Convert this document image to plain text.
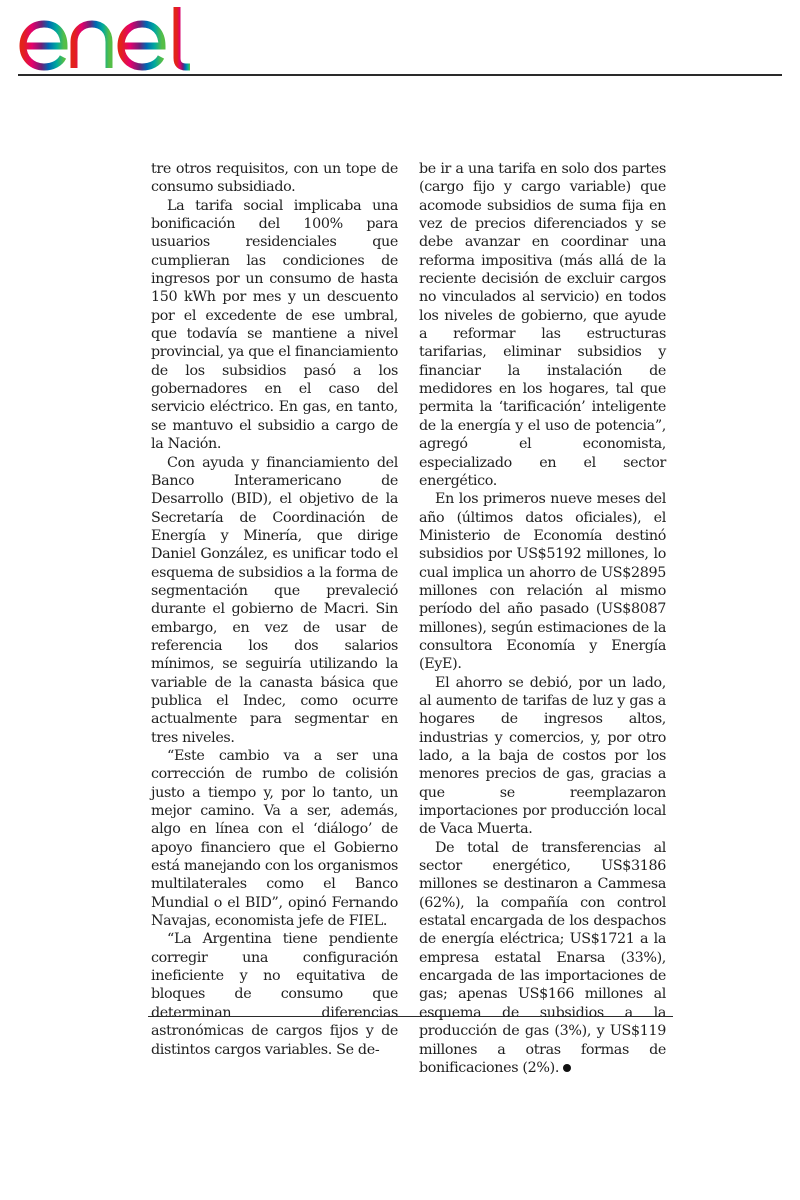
tre otros requisitos, con un tope de consumo subsidiado.

La tarifa social implicaba una bonificación del 100% para usuarios residenciales que cumplieran las condiciones de ingresos por un consumo de hasta 150 kWh por mes y un descuento por el excedente de ese umbral, que todavía se mantiene a nivel provincial, ya que el financiamiento de los subsidios pasó a los gobernadores en el caso del servicio eléctrico. En gas, en tanto, se mantuvo el subsidio a cargo de la Nación.

Con ayuda y financiamiento del Banco Interamericano de Desarrollo (BID), el objetivo de la Secretaría de Coordinación de Energía y Minería, que dirige Daniel González, es unificar todo el esquema de subsidios a la forma de segmentación que prevaleció durante el gobierno de Macri. Sin embargo, en vez de usar de referencia los dos salarios mínimos, se seguiría utilizando la variable de la canasta básica que publica el Indec, como ocurre actualmente para segmentar en tres niveles.

“Este cambio va a ser una corrección de rumbo de colisión justo a tiempo y, por lo tanto, un mejor camino. Va a ser, además, algo en línea con el ‘diálogo’ de apoyo financiero que el Gobierno está manejando con los organismos multilaterales como el Banco Mundial o el BID”, opinó Fernando Navajas, economista jefe de FIEL.

“La Argentina tiene pendiente corregir una configuración ineficiente y no equitativa de bloques de consumo que determinan diferencias astronómicas de cargos fijos y de distintos cargos variables. Se de-

be ir a una tarifa en solo dos partes (cargo fijo y cargo variable) que acomode subsidios de suma fija en vez de precios diferenciados y se debe avanzar en coordinar una reforma impositiva (más allá de la reciente decisión de excluir cargos no vinculados al servicio) en todos los niveles de gobierno, que ayude a reformar las estructuras tarifarias, eliminar subsidios y financiar la instalación de medidores en los hogares, tal que permita la ‘tarificación’ inteligente de la energía y el uso de potencia”, agregó el economista, especializado en el sector energético.

En los primeros nueve meses del año (últimos datos oficiales), el Ministerio de Economía destinó subsidios por US$5192 millones, lo cual implica un ahorro de US$2895 millones con relación al mismo período del año pasado (US$8087 millones), según estimaciones de la consultora Economía y Energía (EyE).

El ahorro se debió, por un lado, al aumento de tarifas de luz y gas a hogares de ingresos altos, industrias y comercios, y, por otro lado, a la baja de costos por los menores precios de gas, gracias a que se reemplazaron importaciones por producción local de Vaca Muerta.

De total de transferencias al sector energético, US$3186 millones se destinaron a Cammesa (62%), la compañía con control estatal encargada de los despachos de energía eléctrica; US$1721 a la empresa estatal Enarsa (33%), encargada de las importaciones de gas; apenas US$166 millones al esquema de subsidios a la producción de gas (3%), y US$119 millones a otras formas de bonificaciones (2%).
